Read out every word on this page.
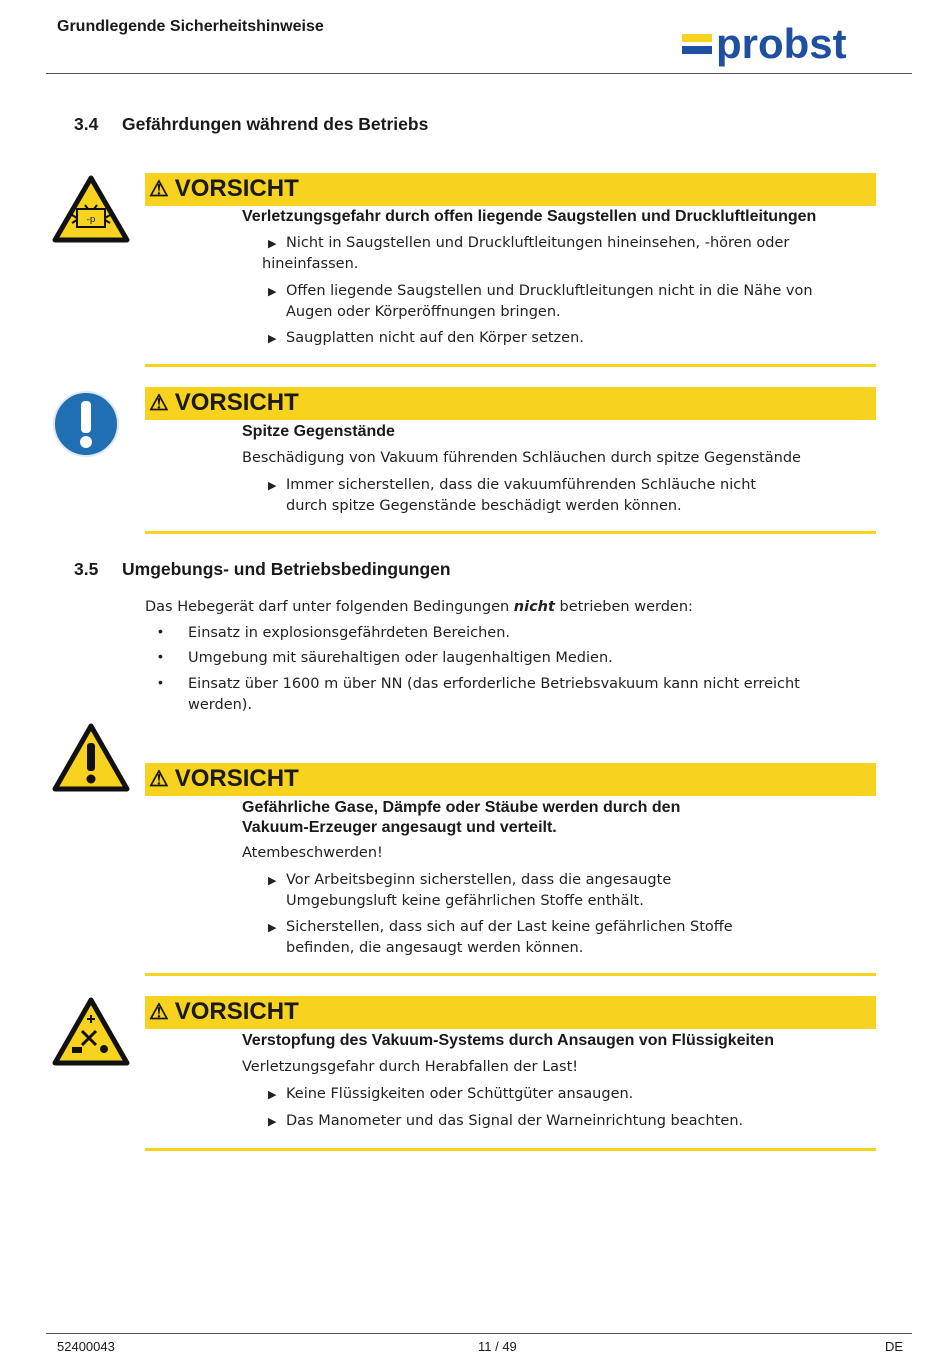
Grundlegende Sicherheitshinweise	probst
3.4 Gefährdungen während des Betriebs
-p
⚠ VORSICHT
Verletzungsgefahr durch offen liegende Saugstellen und Druckluftleitungen
▶ Nicht in Saugstellen und Druckluftleitungen hineinsehen, -hören oder
hineinfassen.
▶ Offen liegende Saugstellen und Druckluftleitungen nicht in die Nähe von
Augen oder Körperöffnungen bringen.
▶ Saugplatten nicht auf den Körper setzen.
⚠ VORSICHT
Spitze Gegenstände
Beschädigung von Vakuum führenden Schläuchen durch spitze Gegenstände
▶ Immer sicherstellen, dass die vakuumführenden Schläuche nicht
durch spitze Gegenstände beschädigt werden können.
3.5 Umgebungs- und Betriebsbedingungen
Das Hebegerät darf unter folgenden Bedingungen nicht betrieben werden:
• Einsatz in explosionsgefährdeten Bereichen.
• Umgebung mit säurehaltigen oder laugenhaltigen Medien.
• Einsatz über 1600 m über NN (das erforderliche Betriebsvakuum kann nicht erreicht
werden).
⚠ VORSICHT
Gefährliche Gase, Dämpfe oder Stäube werden durch den
Vakuum-Erzeuger angesaugt und verteilt.
Atembeschwerden!
▶ Vor Arbeitsbeginn sicherstellen, dass die angesaugte
Umgebungsluft keine gefährlichen Stoffe enthält.
▶ Sicherstellen, dass sich auf der Last keine gefährlichen Stoffe
befinden, die angesaugt werden können.
⚠ VORSICHT
Verstopfung des Vakuum-Systems durch Ansaugen von Flüssigkeiten
Verletzungsgefahr durch Herabfallen der Last!
▶ Keine Flüssigkeiten oder Schüttgüter ansaugen.
▶ Das Manometer und das Signal der Warneinrichtung beachten.
52400043	11 / 49	DE
